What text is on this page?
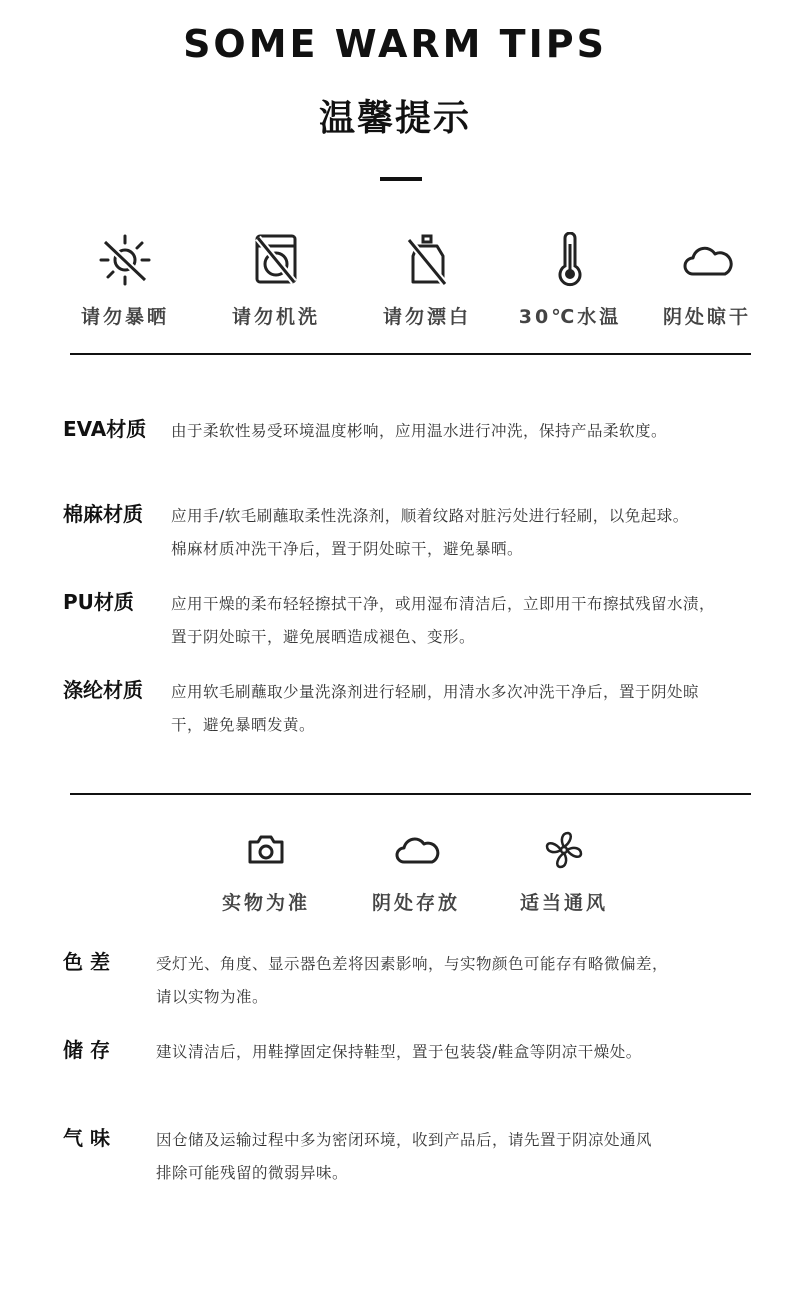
SOME WARM TIPS
温馨提示
请勿暴晒	请勿机洗	请勿漂白	30℃水温	阴处晾干
EVA材质 由于柔软性易受环境温度彬响，应用温水进行冲洗，保持产品柔软度。
棉麻材质 应用手/软毛刷蘸取柔性洗涤剂，顺着纹路对脏污处进行轻刷，以免起球。
棉麻材质冲洗干净后，置于阴处晾干，避免暴晒。
PU材质 应用干燥的柔布轻轻擦拭干净，或用湿布清洁后，立即用干布擦拭残留水渍，
置于阴处晾干，避免展晒造成褪色、变形。
涤纶材质 应用软毛刷蘸取少量洗涤剂进行轻刷，用清水多次冲洗干净后，置于阴处晾
干，避免暴晒发黄。
实物为准	阴处存放	适当通风
色 差	受灯光、角度、显示器色差将因素影响，与实物颜色可能存有略微偏差，
请以实物为准。
储 存	建议清洁后，用鞋撑固定保持鞋型，置于包装袋/鞋盒等阴凉干燥处。
气 味	因仓储及运输过程中多为密闭环境，收到产品后，请先置于阴凉处通风
排除可能残留的微弱异味。
